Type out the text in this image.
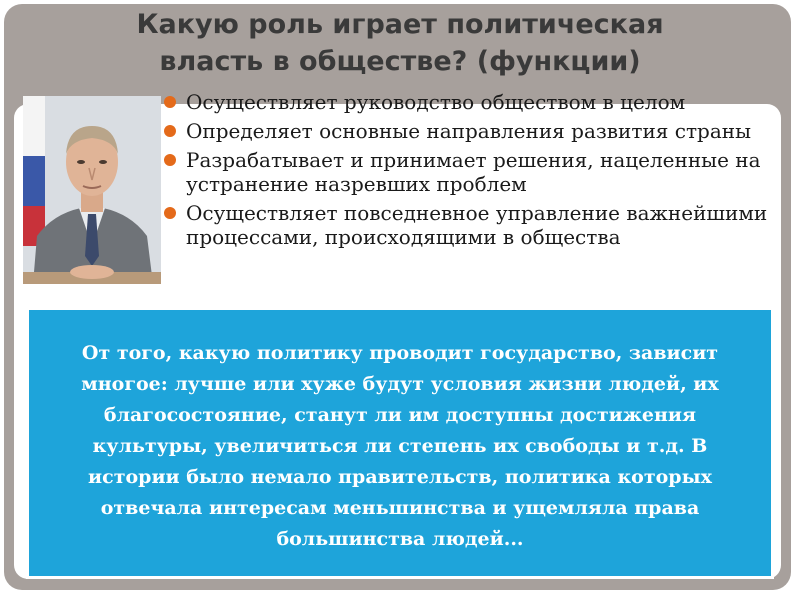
Какую роль играет политическая власть в обществе? (функции)
Осуществляет руководство обществом в целом
Определяет основные направления развития страны
Разрабатывает и принимает решения, нацеленные на устранение назревших проблем
Осуществляет повседневное управление важнейшими процессами, происходящими в общества
От того, какую политику проводит государство, зависит многое: лучше или хуже будут условия жизни людей, их благосостояние, станут ли им доступны достижения культуры, увеличиться ли степень их свободы и т.д. В истории было немало правительств, политика которых отвечала интересам меньшинства и ущемляла права большинства людей...
